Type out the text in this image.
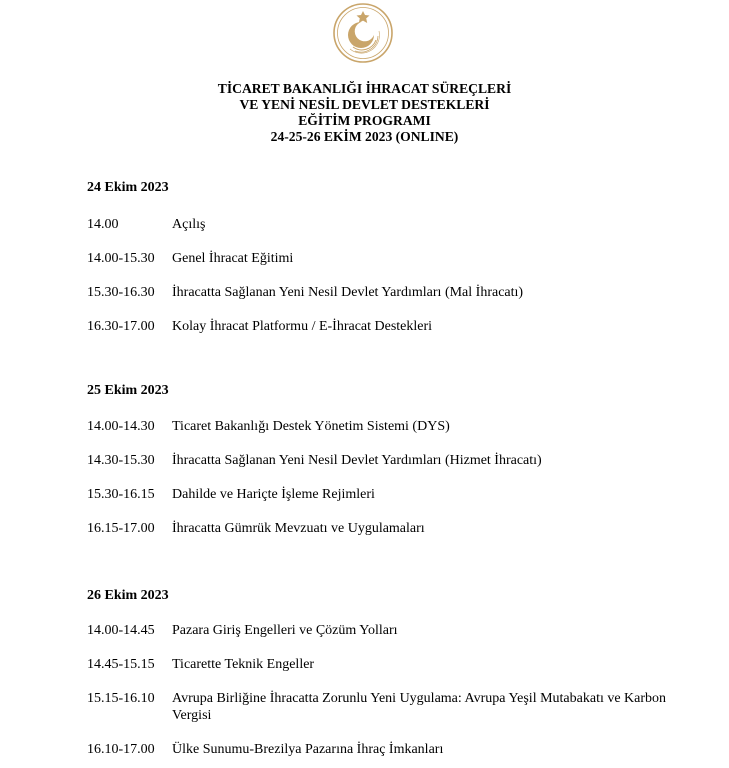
TİCARET BAKANLIĞI İHRACAT SÜREÇLERİ
VE YENİ NESİL DEVLET DESTEKLERİ
EĞİTİM PROGRAMI
24-25-26 EKİM 2023 (ONLINE)
24 Ekim 2023
14.00	Açılış
14.00-15.30 Genel İhracat Eğitimi
15.30-16.30 İhracatta Sağlanan Yeni Nesil Devlet Yardımları (Mal İhracatı)
16.30-17.00 Kolay İhracat Platformu / E-İhracat Destekleri
25 Ekim 2023
14.00-14.30 Ticaret Bakanlığı Destek Yönetim Sistemi (DYS)
14.30-15.30 İhracatta Sağlanan Yeni Nesil Devlet Yardımları (Hizmet İhracatı)
15.30-16.15 Dahilde ve Hariçte İşleme Rejimleri
16.15-17.00 İhracatta Gümrük Mevzuatı ve Uygulamaları
26 Ekim 2023
14.00-14.45 Pazara Giriş Engelleri ve Çözüm Yolları
14.45-15.15 Ticarette Teknik Engeller
15.15-16.10 Avrupa Birliğine İhracatta Zorunlu Yeni Uygulama: Avrupa Yeşil Mutabakatı ve Karbon Vergisi
16.10-17.00 Ülke Sunumu-Brezilya Pazarına İhraç İmkanları
